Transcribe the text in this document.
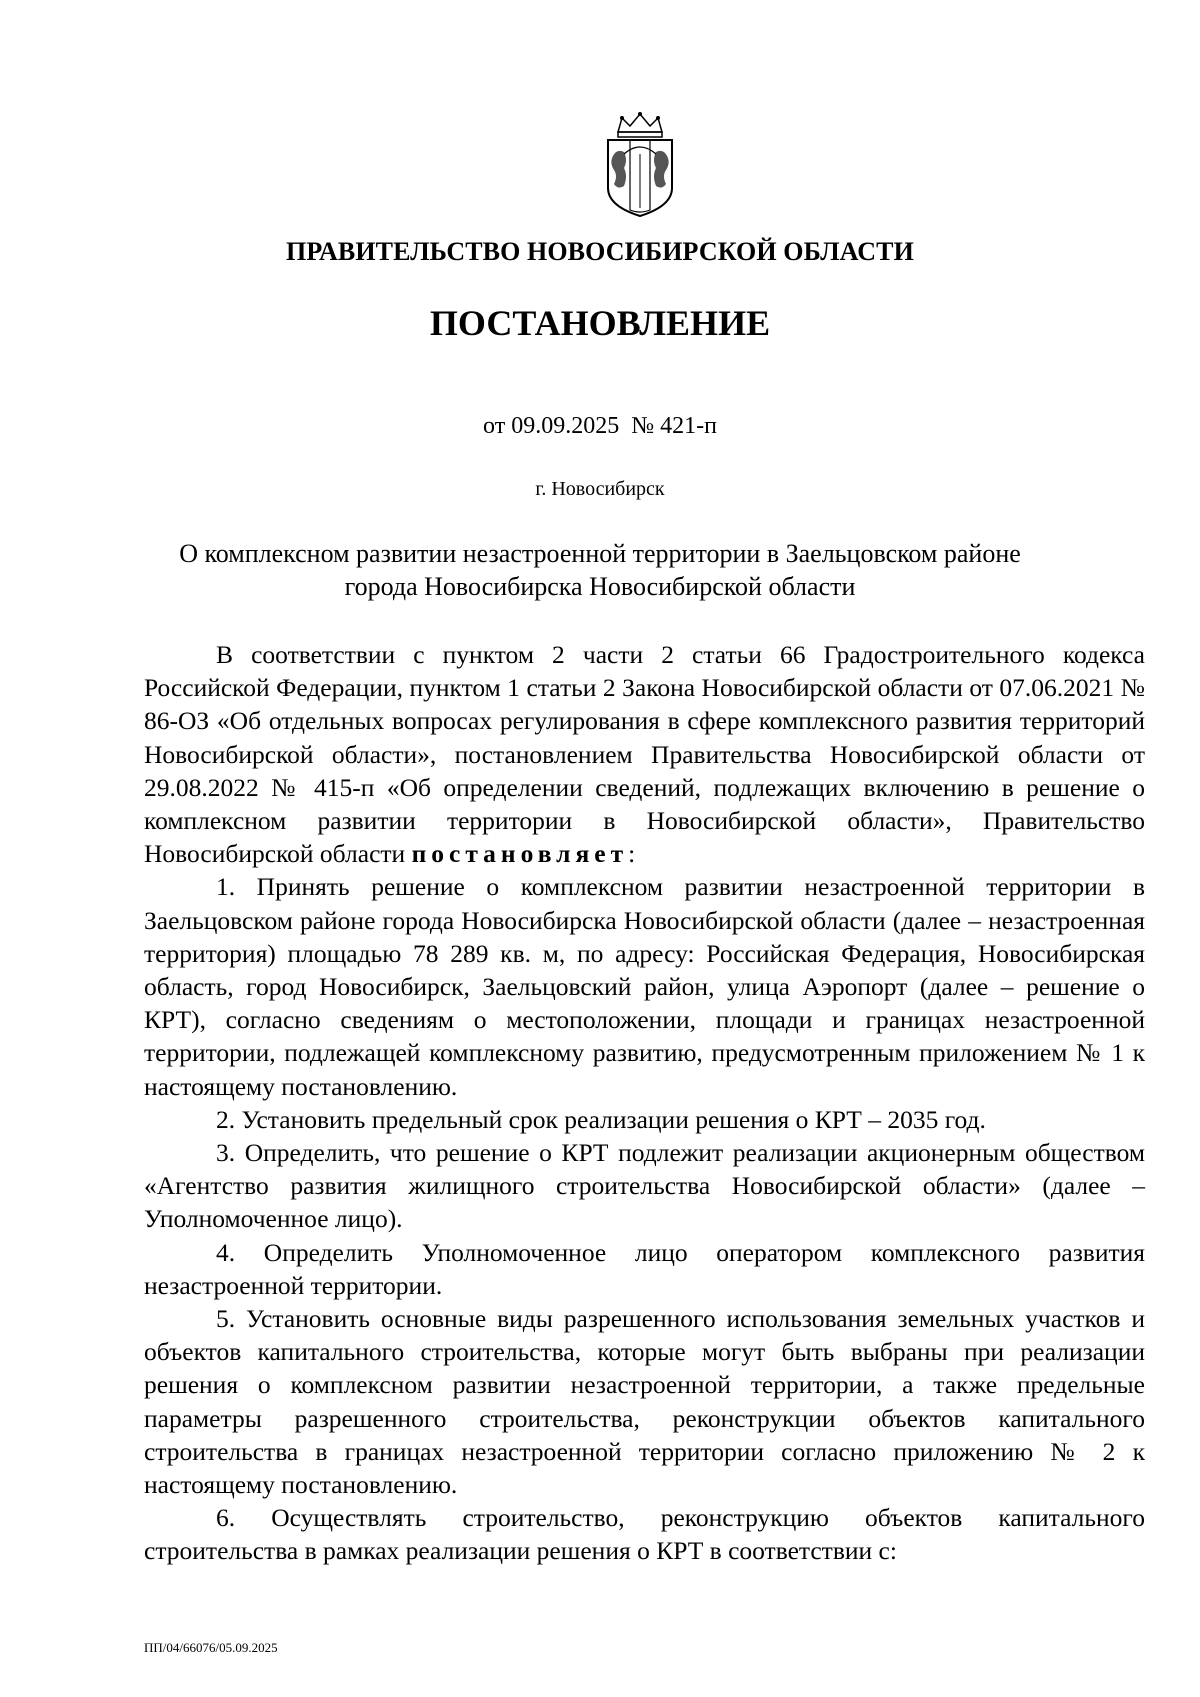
ПРАВИТЕЛЬСТВО НОВОСИБИРСКОЙ ОБЛАСТИ
ПОСТАНОВЛЕНИЕ
от 09.09.2025  № 421-п
г. Новосибирск
О комплексном развитии незастроенной территории в Заельцовском районе города Новосибирска Новосибирской области

В соответствии с пунктом 2 части 2 статьи 66 Градостроительного кодекса Российской Федерации, пунктом 1 статьи 2 Закона Новосибирской области от 07.06.2021 № 86-ОЗ «Об отдельных вопросах регулирования в сфере комплексного развития территорий Новосибирской области», постановлением Правительства Новосибирской области от 29.08.2022 № 415-п «Об определении сведений, подлежащих включению в решение о комплексном развитии территории в Новосибирской области», Правительство Новосибирской области постановляет:

1. Принять решение о комплексном развитии незастроенной территории в Заельцовском районе города Новосибирска Новосибирской области (далее – незастроенная территория) площадью 78 289 кв. м, по адресу: Российская Федерация, Новосибирская область, город Новосибирск, Заельцовский район, улица Аэропорт (далее – решение о КРТ), согласно сведениям о местоположении, площади и границах незастроенной территории, подлежащей комплексному развитию, предусмотренным приложением № 1 к настоящему постановлению.

2. Установить предельный срок реализации решения о КРТ – 2035 год.

3. Определить, что решение о КРТ подлежит реализации акционерным обществом «Агентство развития жилищного строительства Новосибирской области» (далее – Уполномоченное лицо).

4. Определить Уполномоченное лицо оператором комплексного развития незастроенной территории.

5. Установить основные виды разрешенного использования земельных участков и объектов капитального строительства, которые могут быть выбраны при реализации решения о комплексном развитии незастроенной территории, а также предельные параметры разрешенного строительства, реконструкции объектов капитального строительства в границах незастроенной территории согласно приложению № 2 к настоящему постановлению.

6. Осуществлять строительство, реконструкцию объектов капитального строительства в рамках реализации решения о КРТ в соответствии с:

ПП/04/66076/05.09.2025
